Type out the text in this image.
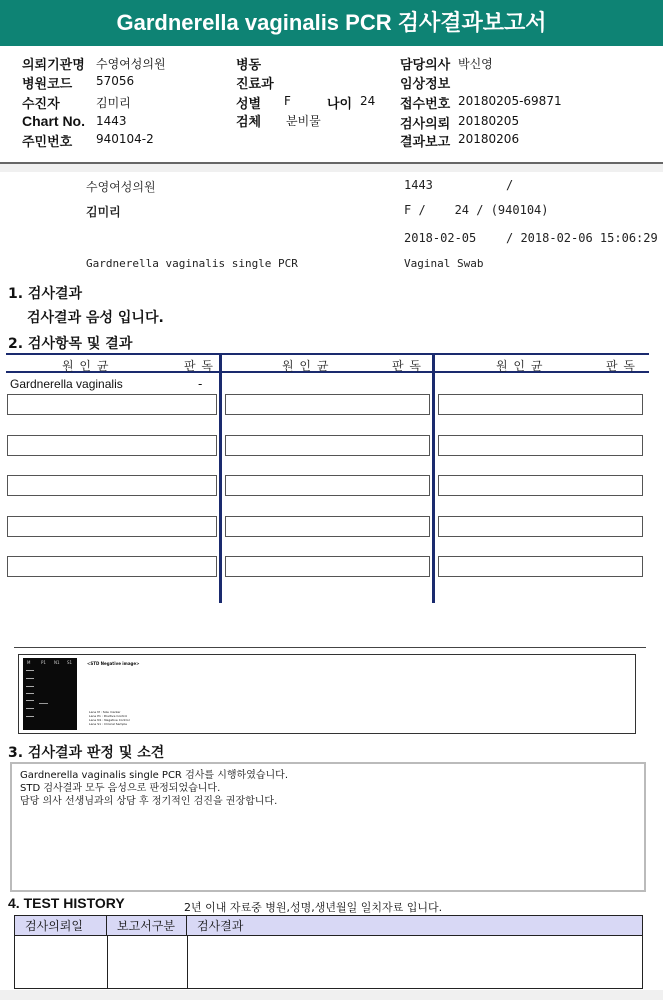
Gardnerella vaginalis PCR 검사결과보고서
의뢰기관명 수영여성의원
병원코드 57056
수진자	김미리
Chart No. 1443
주민번호 940104-2
병동
진료과
성별 F	나이 24
검체 분비물
담당의사 박신영
임상정보
접수번호 20180205-69871
검사의뢰 20180205
결과보고 20180206
수영여성의원	1443	/
김미리	F /    24 / (940104)
2018-02-05 / 2018-02-06 15:06:29
Gardnerella vaginalis single PCR	Vaginal Swab
1. 검사결과
검사결과 음성 입니다.
2. 검사항목 및 결과
원 인 균	판 독	원 인 균	판 독	원 인 균	판 독
Gardnerella vaginalis	-
M	P1 N1 S1	<STD Negative image>
Lane M : Size marker
Lane P1 : Positive Control
Lane N1 : Negative Control
Lane S1 : Clinical Sample
3. 검사결과 판정 및 소견

Gardnerella vaginalis single PCR 검사를 시행하였습니다.

STD 검사결과 모두 음성으로 판정되었습니다.

담당 의사 선생님과의 상담 후 정기적인 검진을 권장합니다.

4. TEST HISTORY	2년 이내 자료중 병원,성명,생년월일 일치자료 입니다.
검사의뢰일	보고서구분	검사결과
